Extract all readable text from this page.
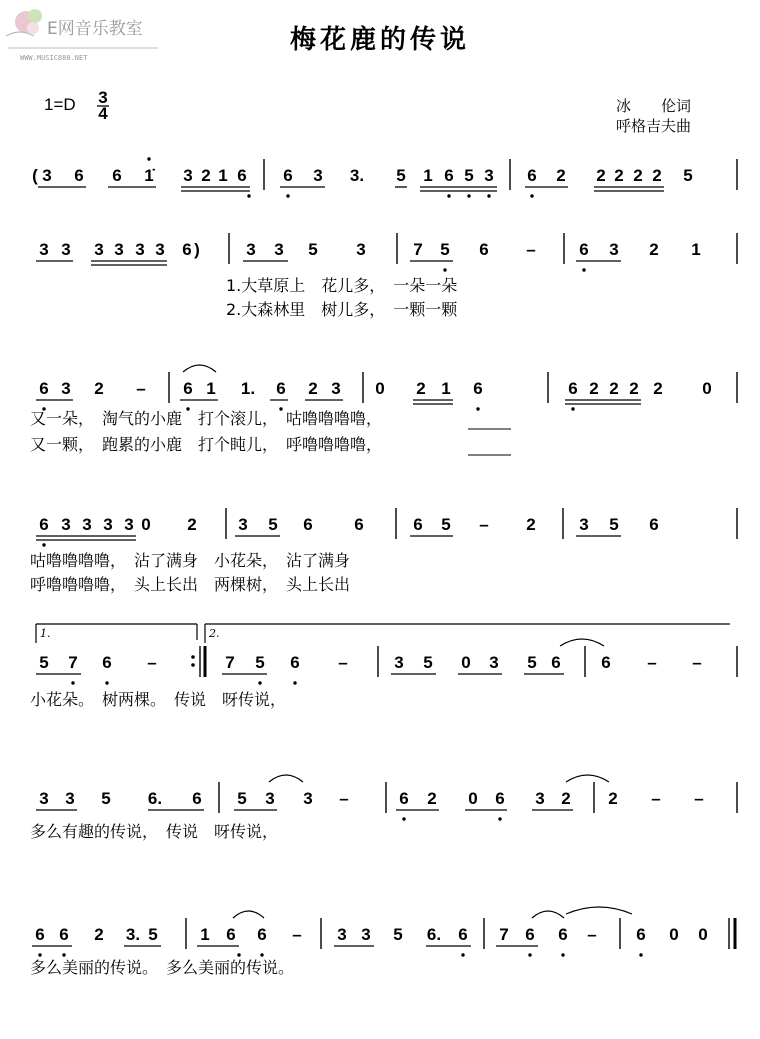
E网音乐教室
WWW.MUSIC888.NET
梅花鹿的传说
1=D 3
4	冰　　伦词
呼格吉夫曲
( 3 6 6 1̇ 3 2 1 6 6 3 3. 5 1 6 5 3 6 2 2 2 2 2 5
3 3 3 3 3 3 6	3 3 5 3	7 5 6 –	6 3 2 1
)
1.大草原上　花儿多，　一朵一朵
2.大森林里　树儿多，　一颗一颗
6 3 2 – 6 1 1. 6 2 3 0 2 1 6	6 2 2 2 2 0
又一朵，　淘气的小鹿　打个滚儿，　咕噜噜噜噜，
又一颗，　跑累的小鹿　打个盹儿，　呼噜噜噜噜，
6 3 3 3 3 0 2 3 5 6 6	6 5 – 2	3 5 6
咕噜噜噜噜，　沾了满身　小花朵，　沾了满身
呼噜噜噜噜，　头上长出　两棵树，　头上长出
1.	2.
5 7 6 –	7 5 6 –	3 5 0 3 5 6 6 – –
小花朵。　树两棵。　传说　呀传说，
3 3 5 6. 6 5 3 3 –	6 2 0 6 3 2 2 – –
多么有趣的传说，　传说　呀传说，
6 6 2 3. 5	1 6 6 – 3 3 5 6. 6 7 6 6 – 6 0 0
多么美丽的传说。　多么美丽的传说。
